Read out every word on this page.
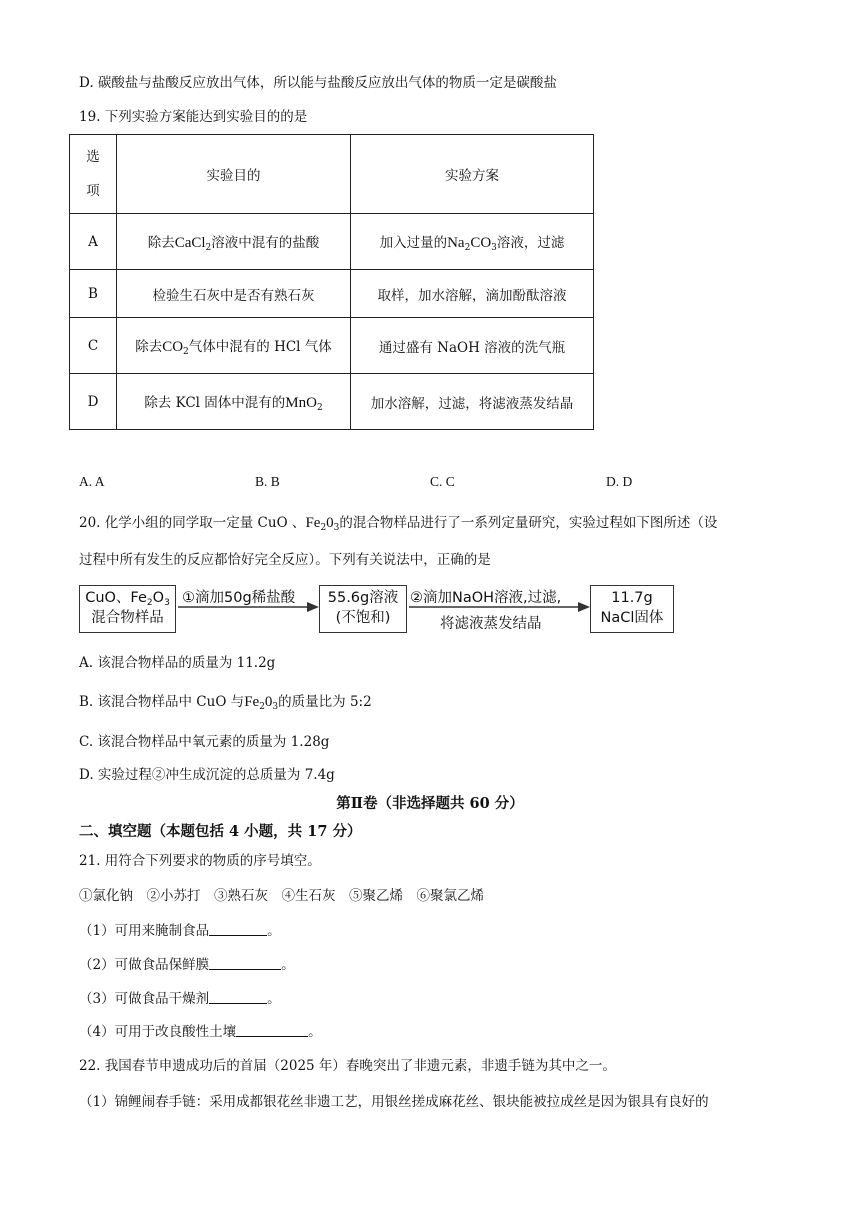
D. 碳酸盐与盐酸反应放出气体，所以能与盐酸反应放出气体的物质一定是碳酸盐
19. 下列实验方案能达到实验目的的是
选
项	实验目的	实验方案
A	除去CaCl$_2$溶液中混有的盐酸	加入过量的$Na_2CO_3$溶液，过滤
B	检验生石灰中是否有熟石灰	取样，加水溶解，滴加酚酞溶液
C	除去$CO_2$气体中混有的 HCl 气体	通过盛有 NaOH 溶液的洗气瓶
D	除去 KCl 固体中混有的MnO$_2$	加水溶解，过滤，将滤液蒸发结晶
A. A	B. B	C. C	D. D
20. 化学小组的同学取一定量 CuO 、$Fe_20_3$的混合物样品进行了一系列定量研究，实验过程如下图所述（设
过程中所有发生的反应都恰好完全反应）。下列有关说法中，正确的是
CuO、$Fe_2O_3$
混合物样品
①滴加50g稀盐酸	55.6g溶液
(不饱和)
②滴加NaOH溶液,过滤,
将滤液蒸发结晶
11.7g
NaCl固体
A. 该混合物样品的质量为 11.2g
B. 该混合物样品中 CuO 与$Fe_20_3$的质量比为 5:2
C. 该混合物样品中氧元素的质量为 1.28g
D. 实验过程②冲生成沉淀的总质量为 7.4g
第Ⅱ卷（非选择题共 60 分）
二、填空题（本题包括 4 小题，共 17 分）
21. 用符合下列要求的物质的序号填空。
①氯化钠　②小苏打　③熟石灰　④生石灰　⑤聚乙烯　⑥聚氯乙烯
（1）可用来腌制食品	。
（2）可做食品保鲜膜	。
（3）可做食品干燥剂	。
（4）可用于改良酸性土壤	。
22. 我国春节申遗成功后的首届（2025 年）春晚突出了非遗元素，非遗手链为其中之一。
（1）锦鲤闹春手链：采用成都银花丝非遗工艺，用银丝搓成麻花丝、银块能被拉成丝是因为银具有良好的
